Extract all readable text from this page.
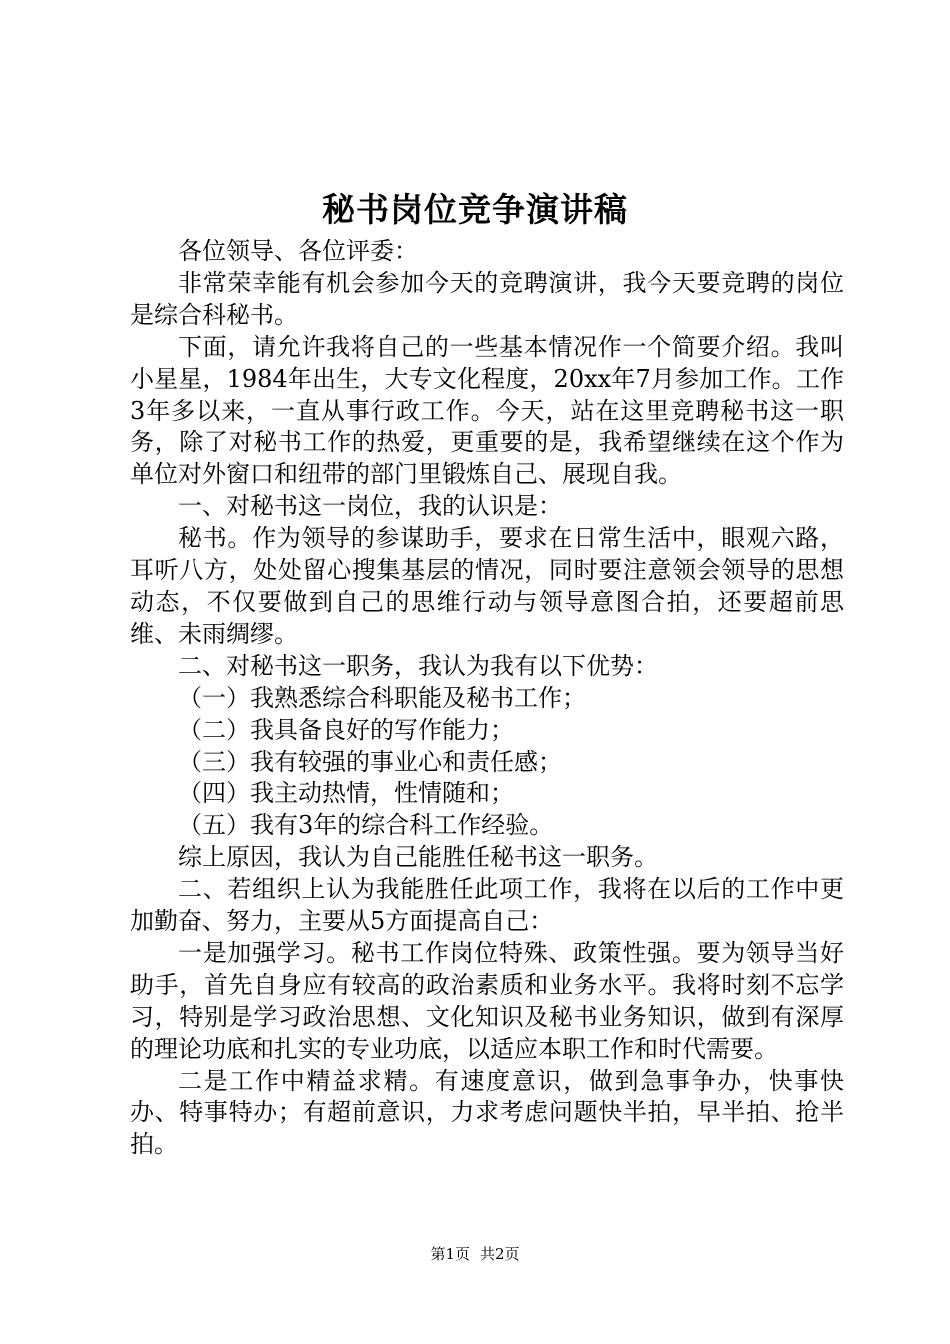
秘书岗位竞争演讲稿

各位领导、各位评委：

非常荣幸能有机会参加今天的竞聘演讲，我今天要竞聘的岗位是综合科秘书。

下面，请允许我将自己的一些基本情况作一个简要介绍。我叫小星星，1984年出生，大专文化程度，20xx年7月参加工作。工作3年多以来，一直从事行政工作。今天，站在这里竞聘秘书这一职务，除了对秘书工作的热爱，更重要的是，我希望继续在这个作为单位对外窗口和纽带的部门里锻炼自己、展现自我。

一、对秘书这一岗位，我的认识是：

秘书。作为领导的参谋助手，要求在日常生活中，眼观六路，耳听八方，处处留心搜集基层的情况，同时要注意领会领导的思想动态，不仅要做到自己的思维行动与领导意图合拍，还要超前思维、未雨绸缪。

二、对秘书这一职务，我认为我有以下优势：

（一）我熟悉综合科职能及秘书工作；

（二）我具备良好的写作能力；

（三）我有较强的事业心和责任感；

（四）我主动热情，性情随和；

（五）我有3年的综合科工作经验。

综上原因，我认为自己能胜任秘书这一职务。

二、若组织上认为我能胜任此项工作，我将在以后的工作中更加勤奋、努力，主要从5方面提高自己：

一是加强学习。秘书工作岗位特殊、政策性强。要为领导当好助手，首先自身应有较高的政治素质和业务水平。我将时刻不忘学习，特别是学习政治思想、文化知识及秘书业务知识，做到有深厚的理论功底和扎实的专业功底，以适应本职工作和时代需要。

二是工作中精益求精。有速度意识，做到急事争办，快事快办、特事特办；有超前意识，力求考虑问题快半拍，早半拍、抢半拍。

第1页 共2页
